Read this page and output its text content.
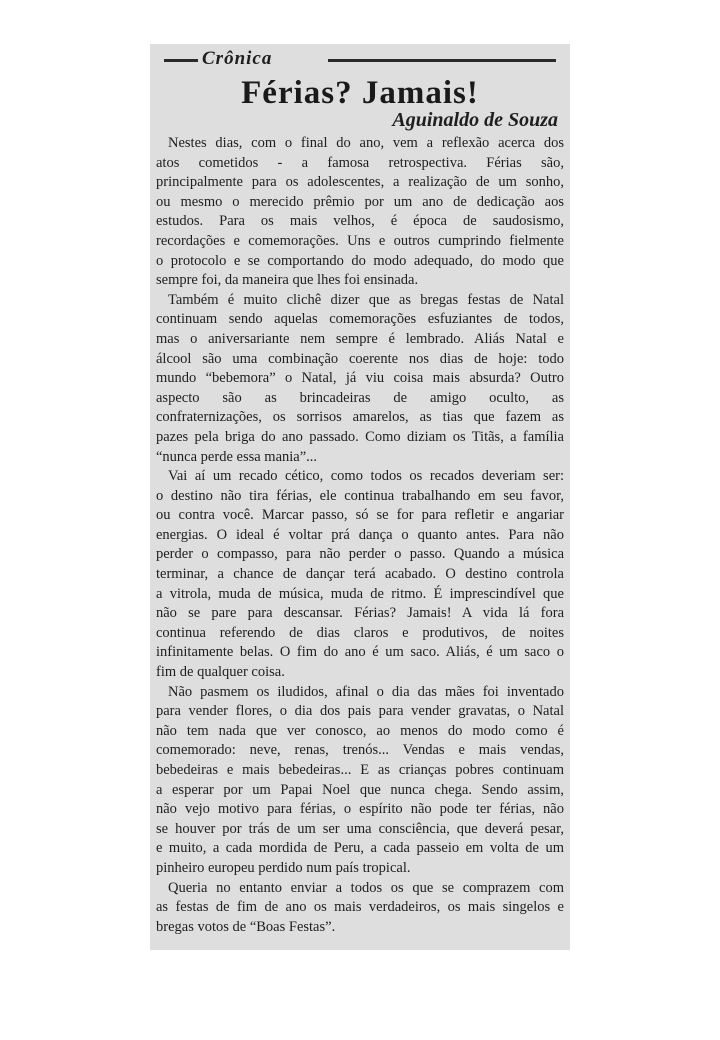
Crônica
Férias? Jamais!
Aguinaldo de Souza

Nestes dias, com o final do ano, vem a reflexão acerca dos
atos cometidos - a famosa retrospectiva. Férias são,
principalmente para os adolescentes, a realização de um sonho,
ou mesmo o merecido prêmio por um ano de dedicação aos
estudos. Para os mais velhos, é época de saudosismo,
recordações e comemorações. Uns e outros cumprindo fielmente
o protocolo e se comportando do modo adequado, do modo que
sempre foi, da maneira que lhes foi ensinada.

Também é muito clichê dizer que as bregas festas de Natal
continuam sendo aquelas comemorações esfuziantes de todos,
mas o aniversariante nem sempre é lembrado. Aliás Natal e
álcool são uma combinação coerente nos dias de hoje: todo
mundo “bebemora” o Natal, já viu coisa mais absurda? Outro
aspecto são as brincadeiras de amigo oculto, as
confraternizações, os sorrisos amarelos, as tias que fazem as
pazes pela briga do ano passado. Como diziam os Titãs, a família
“nunca perde essa mania”...

Vai aí um recado cético, como todos os recados deveriam ser:
o destino não tira férias, ele continua trabalhando em seu favor,
ou contra você. Marcar passo, só se for para refletir e angariar
energias. O ideal é voltar prá dança o quanto antes. Para não
perder o compasso, para não perder o passo. Quando a música
terminar, a chance de dançar terá acabado. O destino controla
a vitrola, muda de música, muda de ritmo. É imprescindível que
não se pare para descansar. Férias? Jamais! A vida lá fora
continua referendo de dias claros e produtivos, de noites
infinitamente belas. O fim do ano é um saco. Aliás, é um saco o
fim de qualquer coisa.

Não pasmem os iludidos, afinal o dia das mães foi inventado
para vender flores, o dia dos pais para vender gravatas, o Natal
não tem nada que ver conosco, ao menos do modo como é
comemorado: neve, renas, trenós... Vendas e mais vendas,
bebedeiras e mais bebedeiras... E as crianças pobres continuam
a esperar por um Papai Noel que nunca chega. Sendo assim,
não vejo motivo para férias, o espírito não pode ter férias, não
se houver por trás de um ser uma consciência, que deverá pesar,
e muito, a cada mordida de Peru, a cada passeio em volta de um
pinheiro europeu perdido num país tropical.

Queria no entanto enviar a todos os que se comprazem com
as festas de fim de ano os mais verdadeiros, os mais singelos e
bregas votos de “Boas Festas”.
